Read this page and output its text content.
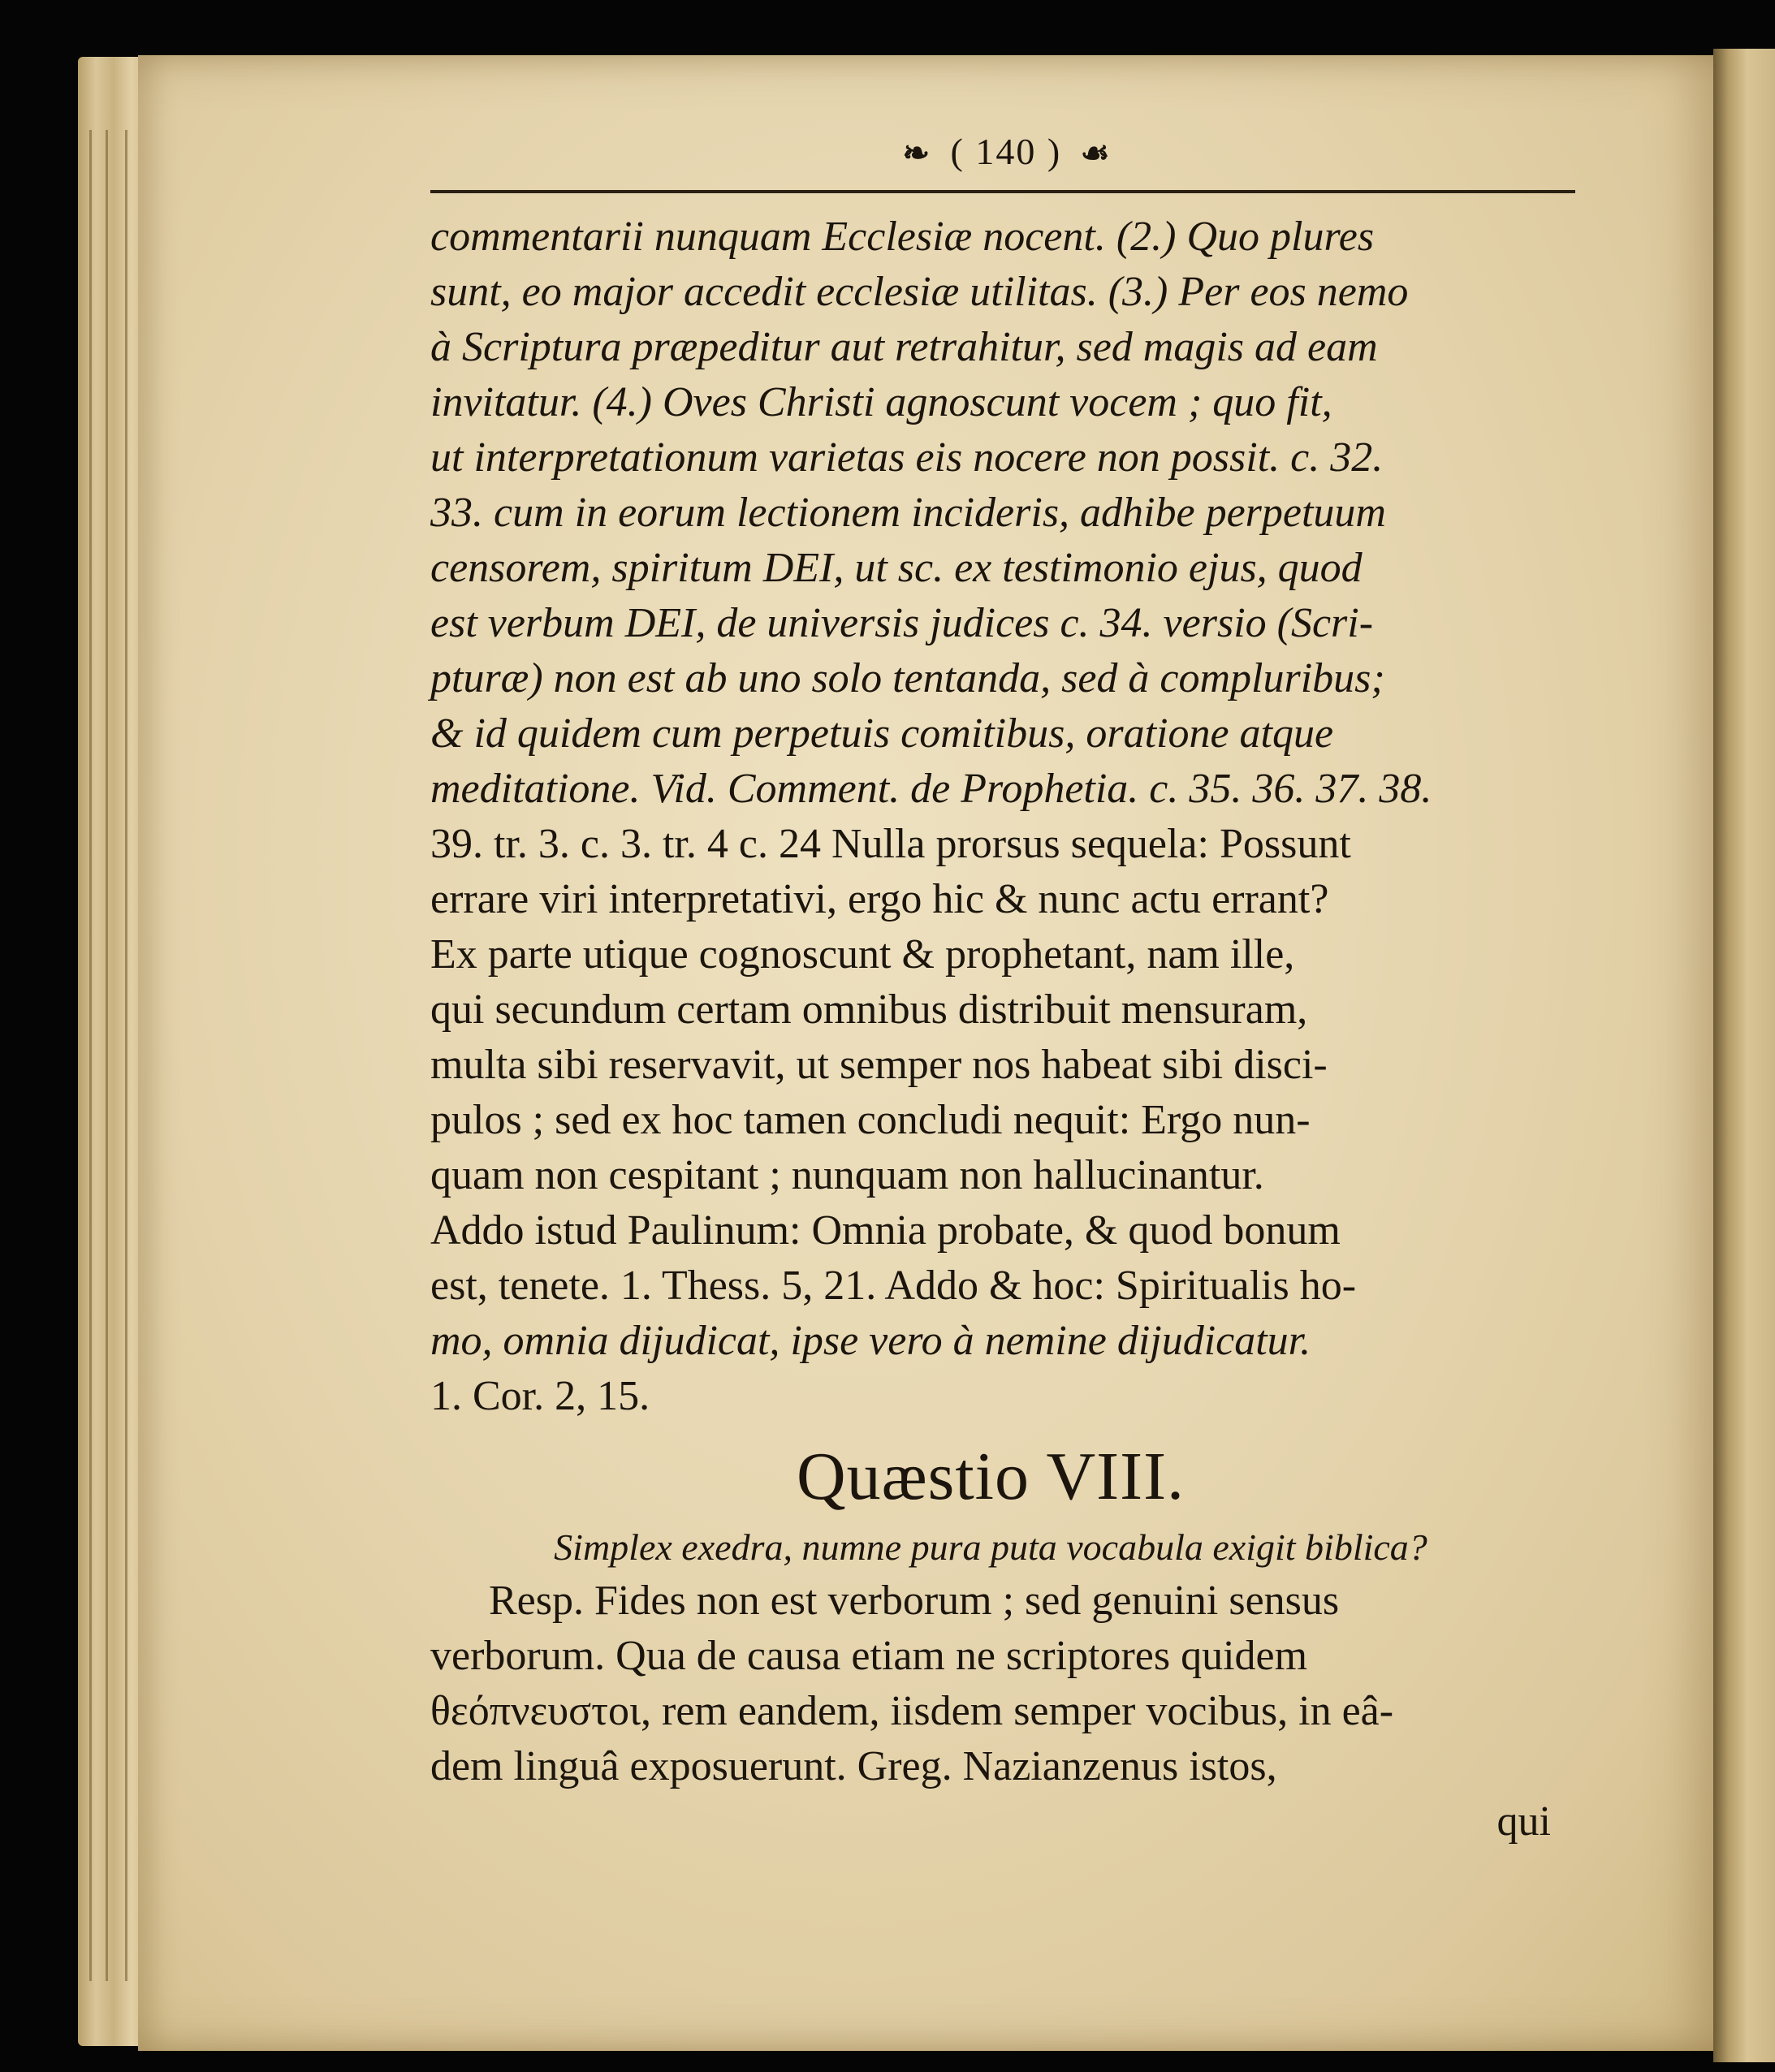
❧ ( 140 ) ☙
commentarii nunquam Ecclesiæ nocent. (2.) Quo plures
sunt, eo major accedit ecclesiæ utilitas. (3.) Per eos nemo
à Scriptura præpeditur aut retrahitur, sed magis ad eam
invitatur. (4.) Oves Christi agnoscunt vocem ; quo fit,
ut interpretationum varietas eis nocere non possit. c. 32.
33. cum in eorum lectionem incideris, adhibe perpetuum
censorem, spiritum DEI, ut sc. ex testimonio ejus, quod
est verbum DEI, de universis judices c. 34. versio (Scri-
pturæ) non est ab uno solo tentanda, sed à compluribus;
& id quidem cum perpetuis comitibus, oratione atque
meditatione. Vid. Comment. de Prophetia. c. 35. 36. 37. 38.
39. tr. 3. c. 3. tr. 4 c. 24 Nulla prorsus sequela: Possunt
errare viri interpretativi, ergo hic & nunc actu errant?
Ex parte utique cognoscunt & prophetant, nam ille,
qui secundum certam omnibus distribuit mensuram,
multa sibi reservavit, ut semper nos habeat sibi disci-
pulos ; sed ex hoc tamen concludi nequit: Ergo nun-
quam non cespitant ; nunquam non hallucinantur.
Addo istud Paulinum: Omnia probate, & quod bonum
est, tenete. 1. Thess. 5, 21. Addo & hoc: Spiritualis ho-
mo, omnia dijudicat, ipse vero à nemine dijudicatur.
1. Cor. 2, 15.
Quæstio VIII.
Simplex exedra, numne pura puta vocabula exigit biblica?
Resp. Fides non est verborum ; sed genuini sensus
verborum. Qua de causa etiam ne scriptores quidem
θεόπνευστοι, rem eandem, iisdem semper vocibus, in eâ-
dem linguâ exposuerunt. Greg. Nazianzenus istos,
qui
